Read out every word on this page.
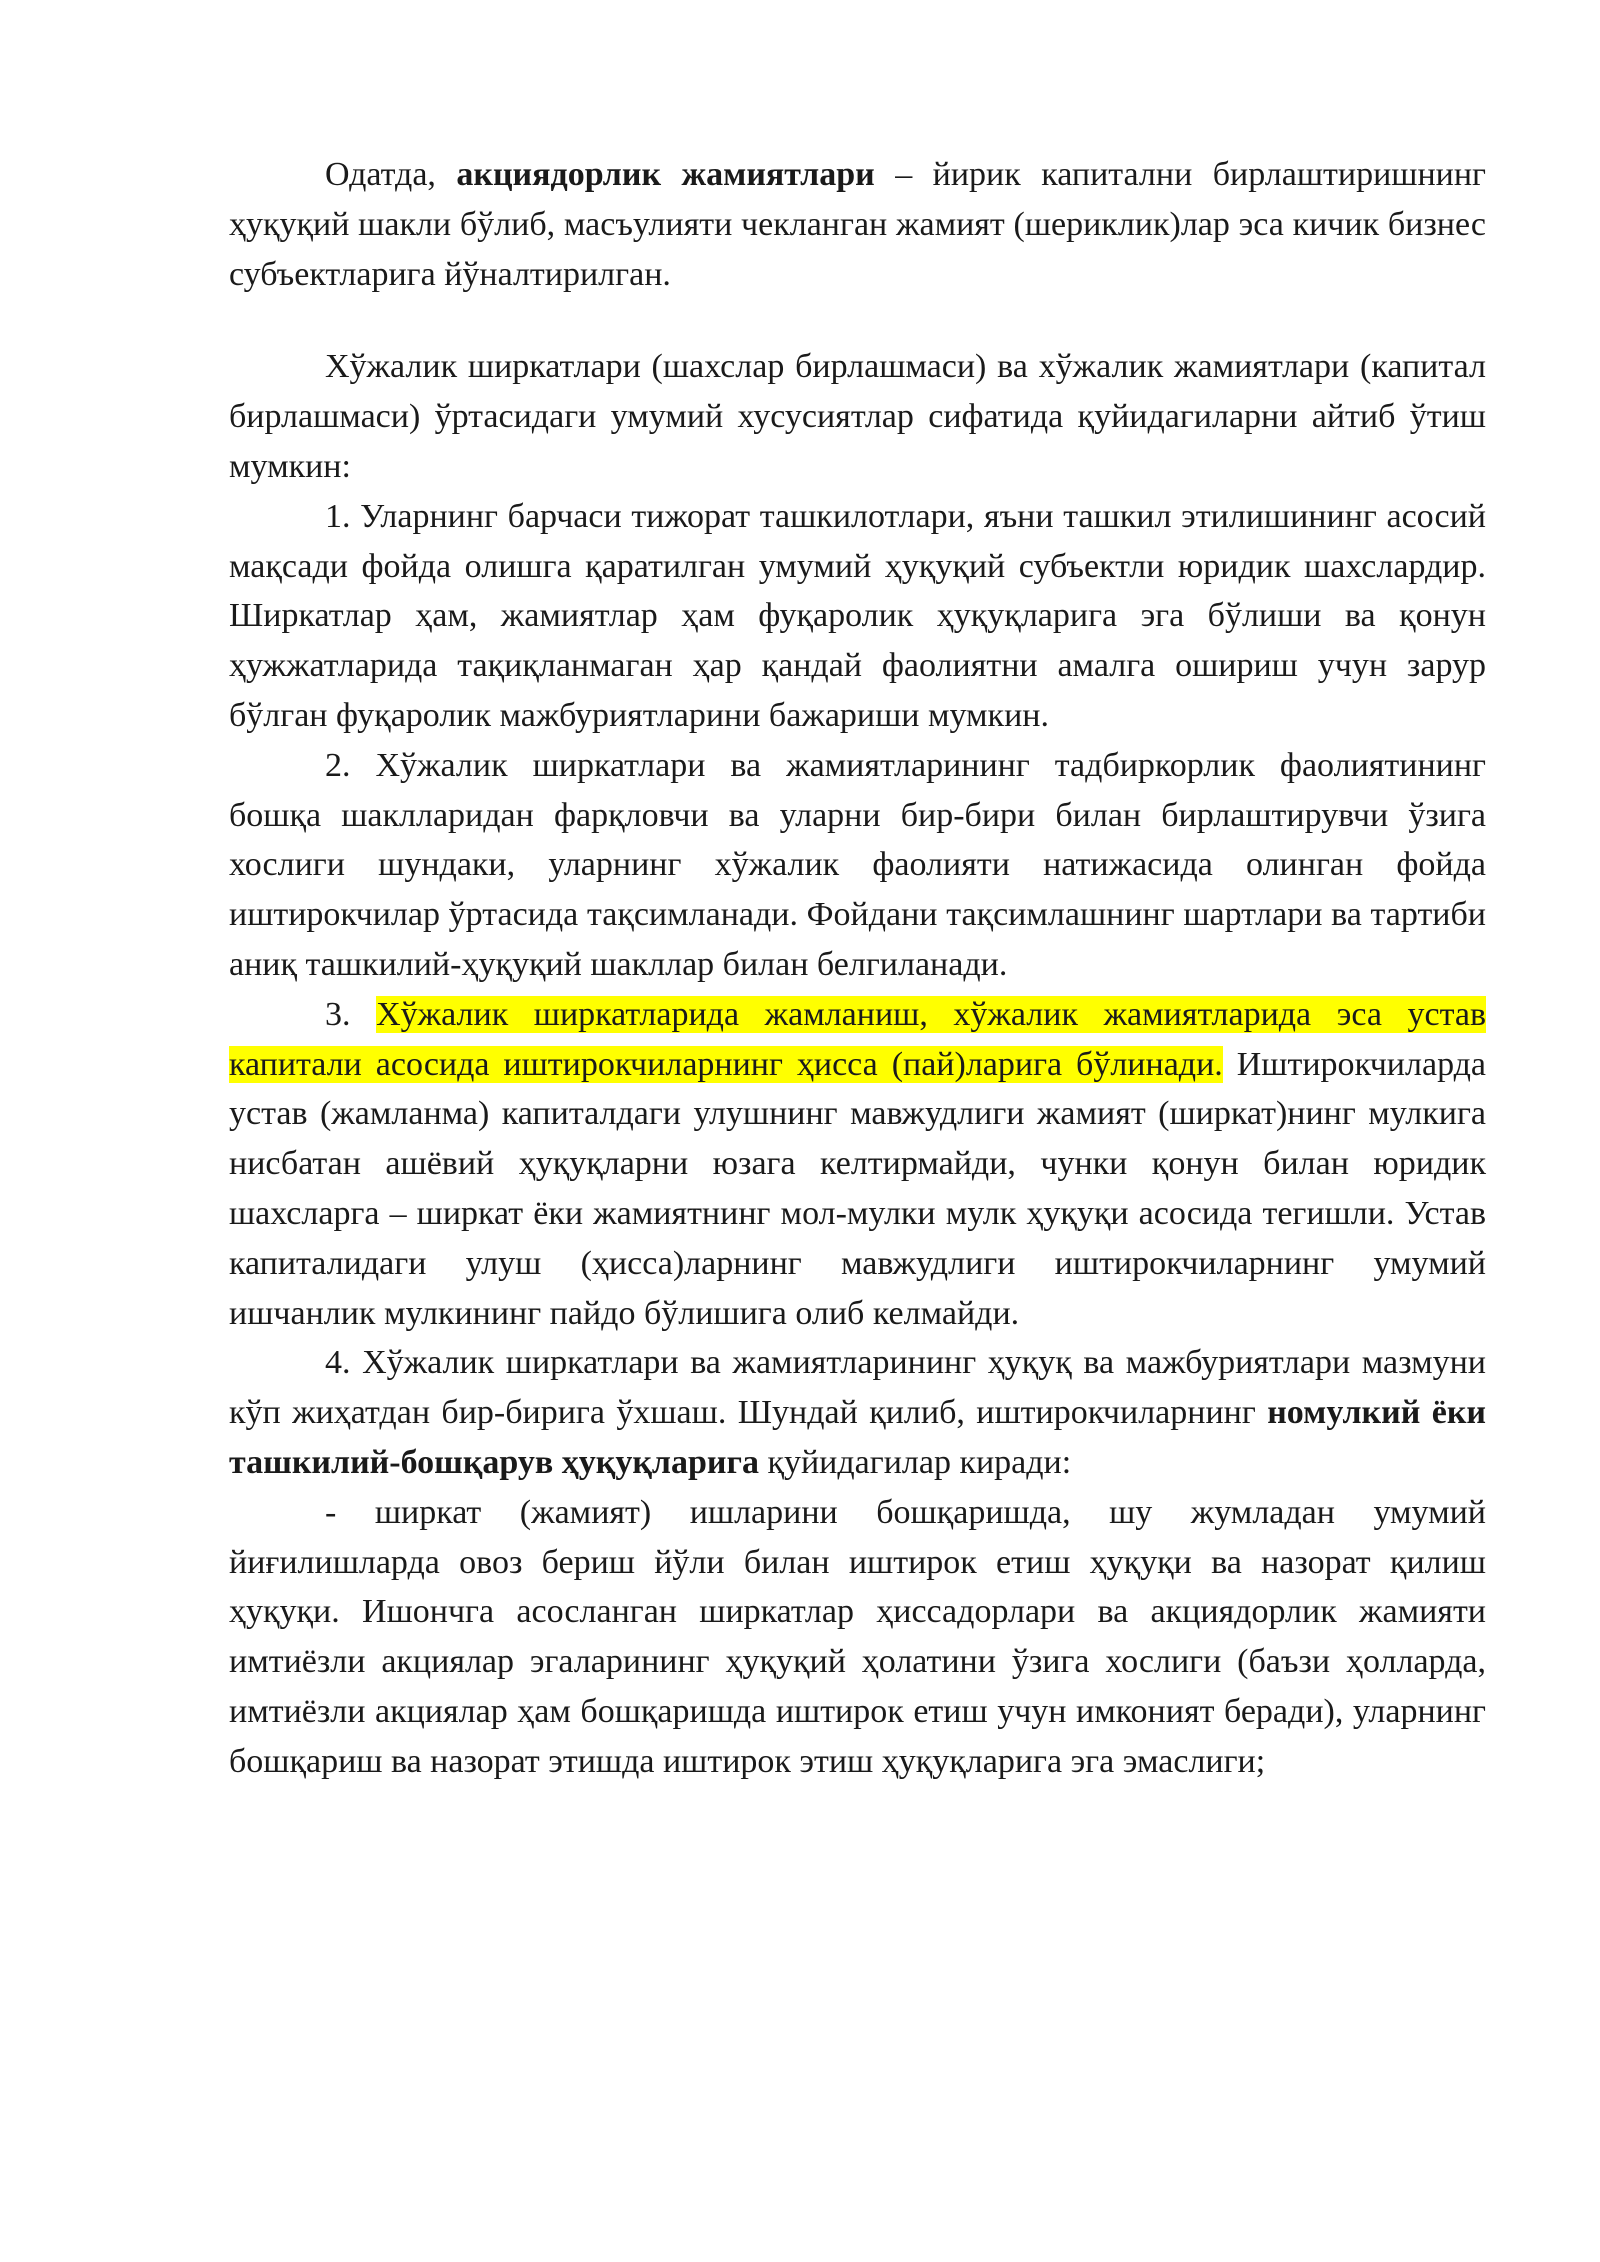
Одатда, акциядорлик жамиятлари – йирик капитални бирлаштиришнинг ҳуқуқий шакли бўлиб, масъулияти чекланган жамият (шериклик)лар эса кичик бизнес субъектларига йўналтирилган.

Хўжалик ширкатлари (шахслар бирлашмаси) ва хўжалик жамиятлари (капитал бирлашмаси) ўртасидаги умумий хусусиятлар сифатида қуйидагиларни айтиб ўтиш мумкин:

1. Уларнинг барчаси тижорат ташкилотлари, яъни ташкил этилишининг асосий мақсади фойда олишга қаратилган умумий ҳуқуқий субъектли юридик шахслардир. Ширкатлар ҳам, жамиятлар ҳам фуқаролик ҳуқуқларига эга бўлиши ва қонун ҳужжатларида тақиқланмаган ҳар қандай фаолиятни амалга ошириш учун зарур бўлган фуқаролик мажбуриятларини бажариши мумкин.

2. Хўжалик ширкатлари ва жамиятларининг тадбиркорлик фаолиятининг бошқа шаклларидан фарқловчи ва уларни бир-бири билан бирлаштирувчи ўзига хослиги шундаки, уларнинг хўжалик фаолияти натижасида олинган фойда иштирокчилар ўртасида тақсимланади. Фойдани тақсимлашнинг шартлари ва тартиби аниқ ташкилий-ҳуқуқий шакллар билан белгиланади.

3. Хўжалик ширкатларида жамланиш, хўжалик жамиятларида эса устав капитали асосида иштирокчиларнинг ҳисса (пай)ларига бўлинади. Иштирокчиларда устав (жамланма) капиталдаги улушнинг мавжудлиги жамият (ширкат)нинг мулкига нисбатан ашёвий ҳуқуқларни юзага келтирмайди, чунки қонун билан юридик шахсларга – ширкат ёки жамиятнинг мол-мулки мулк ҳуқуқи асосида тегишли. Устав капиталидаги улуш (ҳисса)ларнинг мавжудлиги иштирокчиларнинг умумий ишчанлик мулкининг пайдо бўлишига олиб келмайди.

4. Хўжалик ширкатлари ва жамиятларининг ҳуқуқ ва мажбуриятлари мазмуни кўп жиҳатдан бир-бирига ўхшаш. Шундай қилиб, иштирокчиларнинг номулкий ёки ташкилий-бошқарув ҳуқуқларига қуйидагилар киради:

- ширкат (жамият) ишларини бошқаришда, шу жумладан умумий йиғилишларда овоз бериш йўли билан иштирок етиш ҳуқуқи ва назорат қилиш ҳуқуқи. Ишончга асосланган ширкатлар ҳиссадорлари ва акциядорлик жамияти имтиёзли акциялар эгаларининг ҳуқуқий ҳолатини ўзига хослиги (баъзи ҳолларда, имтиёзли акциялар ҳам бошқаришда иштирок етиш учун имконият беради), уларнинг бошқариш ва назорат этишда иштирок этиш ҳуқуқларига эга эмаслиги;
